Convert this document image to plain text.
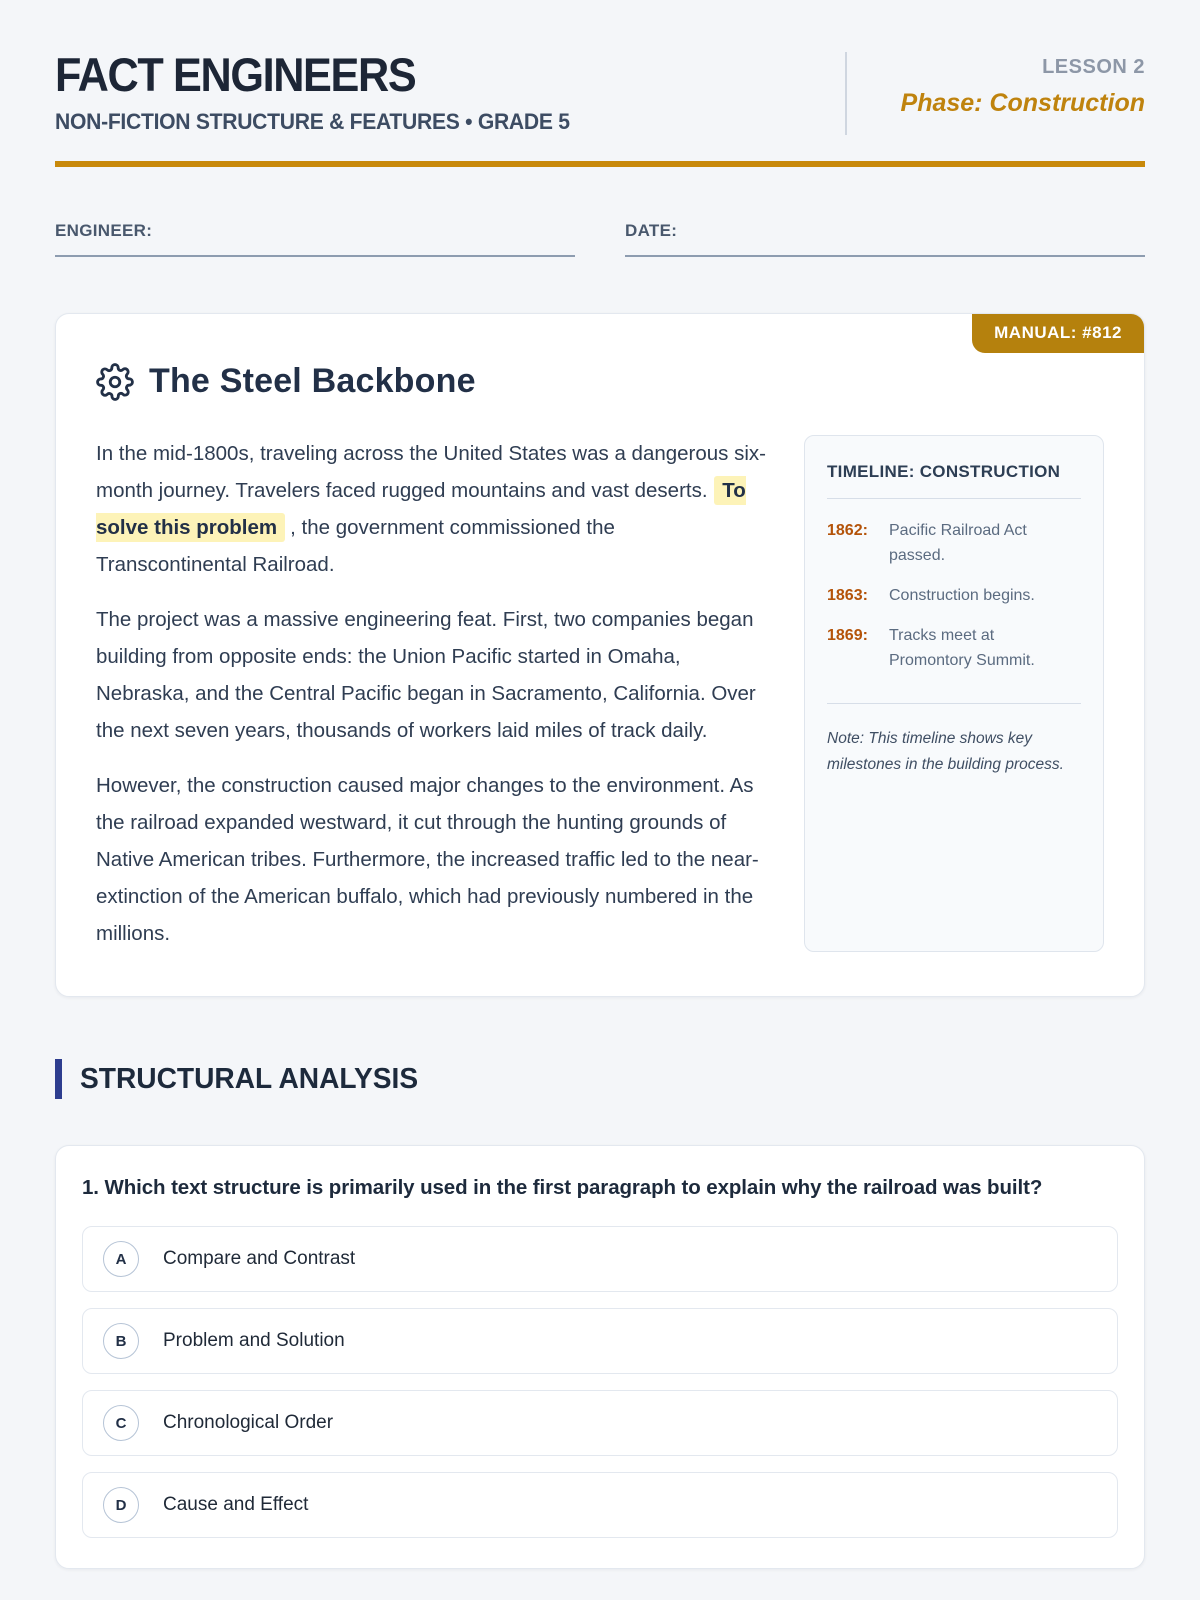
FACT ENGINEERS
NON-FICTION STRUCTURE & FEATURES • GRADE 5
LESSON 2
Phase: Construction
ENGINEER:	DATE:
MANUAL: #812
The Steel Backbone

In the mid-1800s, traveling across the United States was a dangerous six-month journey. Travelers faced rugged mountains and vast deserts. To solve this problem , the government commissioned the Transcontinental Railroad.

The project was a massive engineering feat. First, two companies began building from opposite ends: the Union Pacific started in Omaha, Nebraska, and the Central Pacific began in Sacramento, California. Over the next seven years, thousands of workers laid miles of track daily.

However, the construction caused major changes to the environment. As the railroad expanded westward, it cut through the hunting grounds of Native American tribes. Furthermore, the increased traffic led to the near-extinction of the American buffalo, which had previously numbered in the millions.

TIMELINE: CONSTRUCTION
1862:	Pacific Railroad Act passed.
1863:	Construction begins.
1869:	Tracks meet at Promontory Summit.
Note: This timeline shows key milestones in the building process.
STRUCTURAL ANALYSIS
1. Which text structure is primarily used in the first paragraph to explain why the railroad was built?
A	Compare and Contrast
B	Problem and Solution
C	Chronological Order
D	Cause and Effect
